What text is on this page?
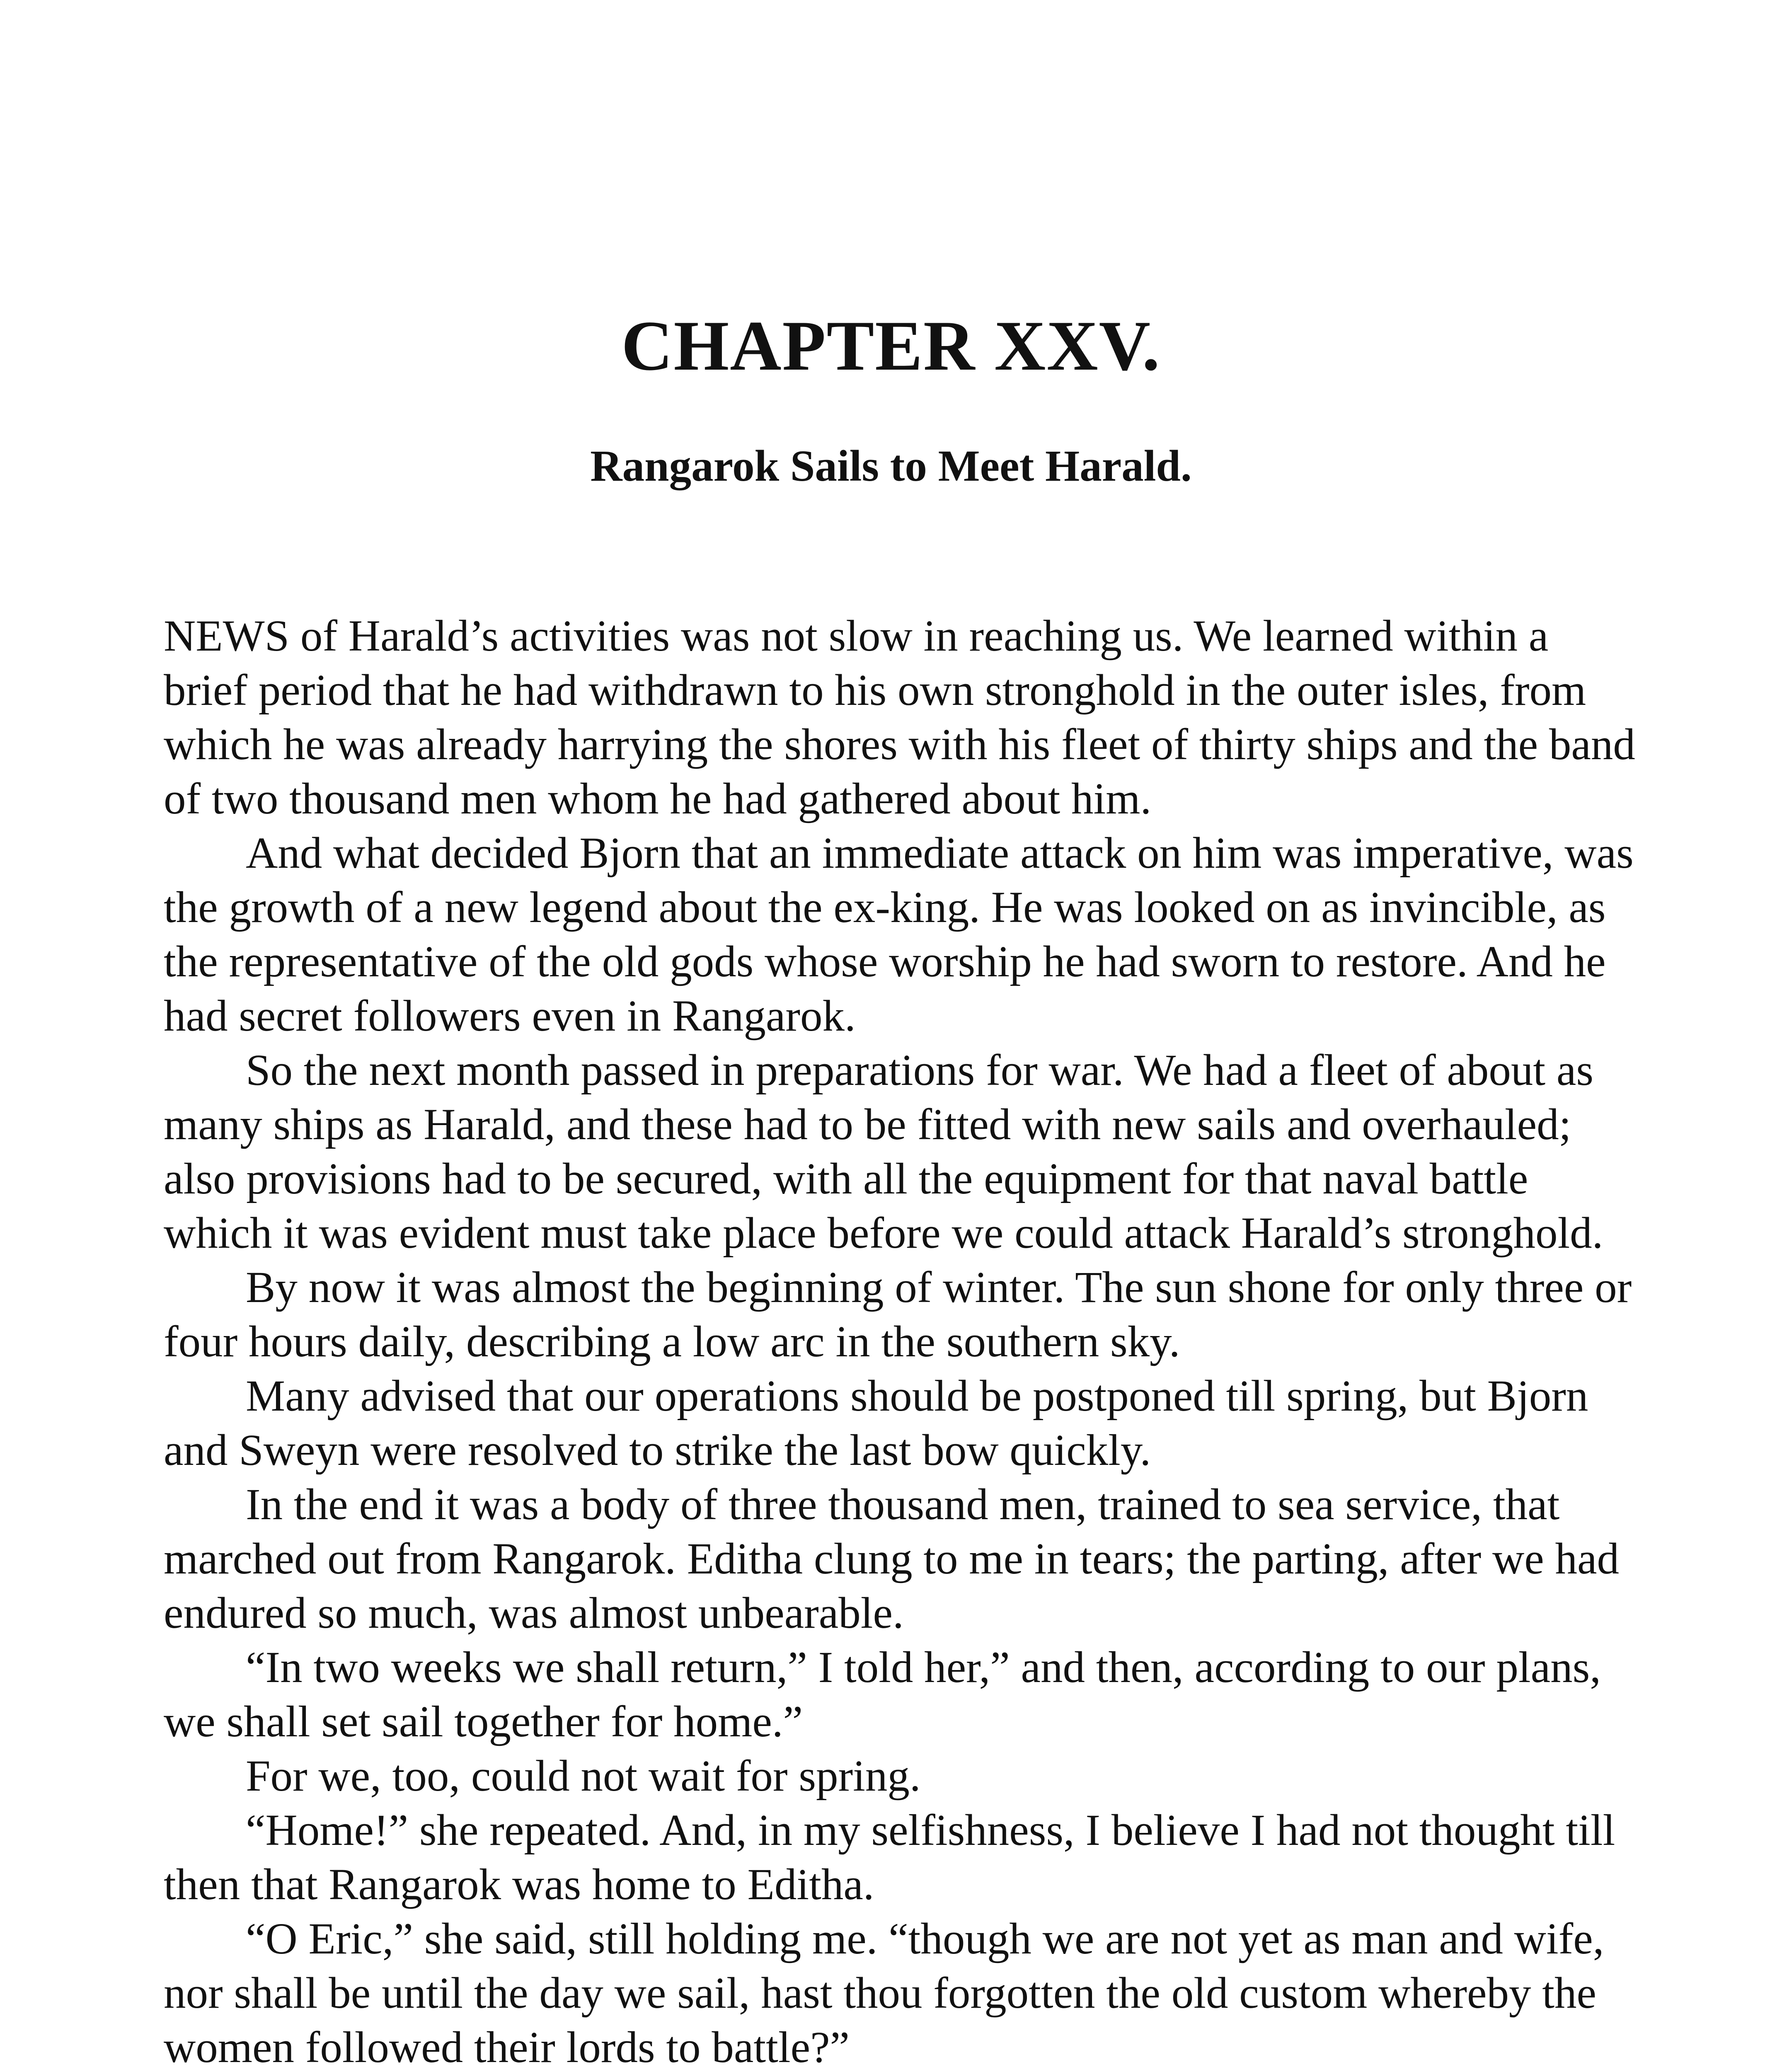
CHAPTER XXV.
Rangarok Sails to Meet Harald.

NEWS of Harald’s activities was not slow in reaching us. We learned within a brief period that he had withdrawn to his own stronghold in the outer isles, from which he was already harrying the shores with his fleet of thirty ships and the band of two thousand men whom he had gathered about him.

And what decided Bjorn that an immediate attack on him was imperative, was the growth of a new legend about the ex-king. He was looked on as invincible, as the representative of the old gods whose worship he had sworn to restore. And he had secret followers even in Rangarok.

So the next month passed in preparations for war. We had a fleet of about as many ships as Harald, and these had to be fitted with new sails and overhauled; also provisions had to be secured, with all the equipment for that naval battle which it was evident must take place before we could attack Harald’s stronghold.

By now it was almost the beginning of winter. The sun shone for only three or four hours daily, describing a low arc in the southern sky.

Many advised that our operations should be postponed till spring, but Bjorn and Sweyn were resolved to strike the last bow quickly.

In the end it was a body of three thousand men, trained to sea service, that marched out from Rangarok. Editha clung to me in tears; the parting, after we had endured so much, was almost unbearable.

“In two weeks we shall return,” I told her,” and then, according to our plans, we shall set sail together for home.”

For we, too, could not wait for spring.

“Home!” she repeated. And, in my selfishness, I believe I had not thought till then that Rangarok was home to Editha.

“O Eric,” she said, still holding me. “though we are not yet as man and wife, nor shall be until the day we sail, hast thou forgotten the old custom whereby the women followed their lords to battle?”
